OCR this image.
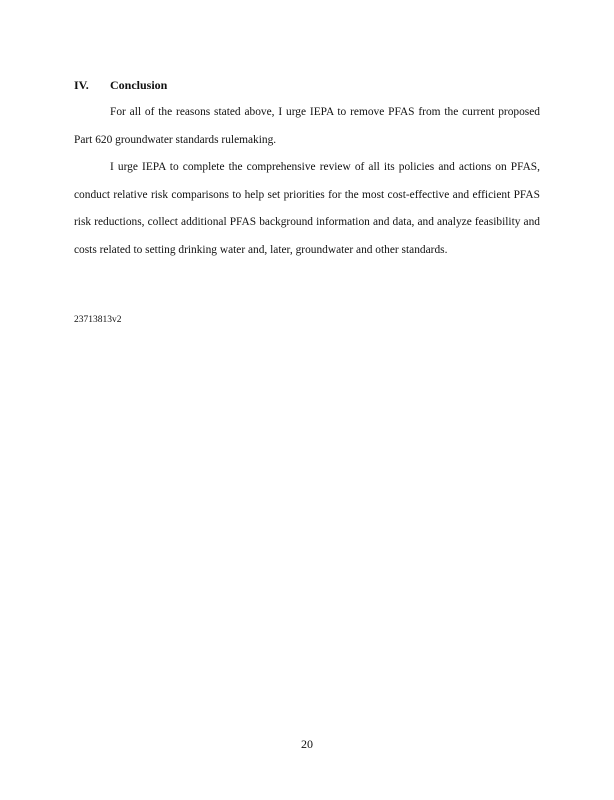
IV. Conclusion

For all of the reasons stated above, I urge IEPA to remove PFAS from the current proposed Part 620 groundwater standards rulemaking.

I urge IEPA to complete the comprehensive review of all its policies and actions on PFAS, conduct relative risk comparisons to help set priorities for the most cost-effective and efficient PFAS risk reductions, collect additional PFAS background information and data, and analyze feasibility and costs related to setting drinking water and, later, groundwater and other standards.

23713813v2
20
